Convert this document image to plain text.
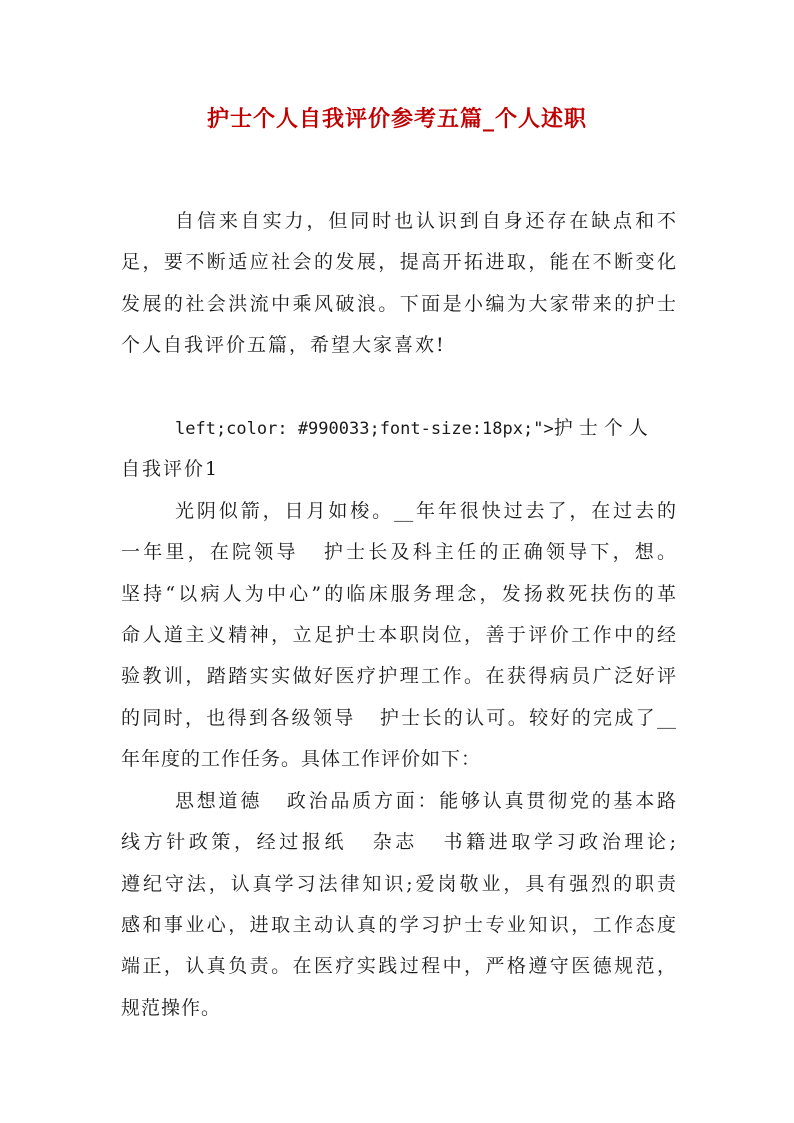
护士个人自我评价参考五篇_个人述职
自信来自实力，但同时也认识到自身还存在缺点和不
足，要不断适应社会的发展，提高开拓进取，能在不断变化
发展的社会洪流中乘风破浪。下面是小编为大家带来的护士
个人自我评价五篇，希望大家喜欢!
left;color: #990033;font-size:18px;">护士个人
自我评价1
光阴似箭，日月如梭。__年年很快过去了，在过去的
一年里，在院领导 护士长及科主任的正确领导下，想。
坚持“以病人为中心”的临床服务理念，发扬救死扶伤的革
命人道主义精神，立足护士本职岗位，善于评价工作中的经
验教训，踏踏实实做好医疗护理工作。在获得病员广泛好评
的同时，也得到各级领导 护士长的认可。较好的完成了__
年年度的工作任务。具体工作评价如下：
思想道德 政治品质方面：能够认真贯彻党的基本路
线方针政策，经过报纸 杂志 书籍进取学习政治理论;
遵纪守法，认真学习法律知识;爱岗敬业，具有强烈的职责
感和事业心，进取主动认真的学习护士专业知识，工作态度
端正，认真负责。在医疗实践过程中，严格遵守医德规范，
规范操作。
